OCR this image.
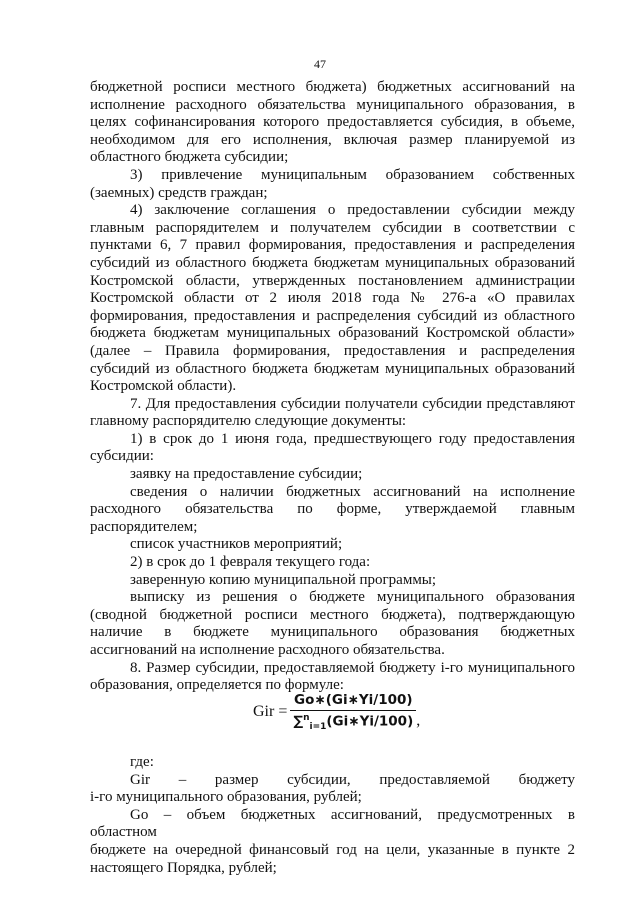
47

бюджетной росписи местного бюджета) бюджетных ассигнований на

исполнение расходного обязательства муниципального образования, в

целях софинансирования которого предоставляется субсидия, в объеме,

необходимом для его исполнения, включая размер планируемой из

областного бюджета субсидии;

3) привлечение муниципальным образованием собственных

(заемных) средств граждан;

4) заключение соглашения о предоставлении субсидии между

главным распорядителем и получателем субсидии в соответствии с

пунктами 6, 7 правил формирования, предоставления и распределения

субсидий из областного бюджета бюджетам муниципальных образований

Костромской области, утвержденных постановлением администрации

Костромской области от 2 июля 2018 года № 276-а «О правилах

формирования, предоставления и распределения субсидий из областного

бюджета бюджетам муниципальных образований Костромской области»

(далее – Правила формирования, предоставления и распределения

субсидий из областного бюджета бюджетам муниципальных образований

Костромской области).

7. Для предоставления субсидии получатели субсидии представляют

главному распорядителю следующие документы:

1) в срок до 1 июня года, предшествующего году предоставления

субсидии:

заявку на предоставление субсидии;

сведения о наличии бюджетных ассигнований на исполнение

расходного обязательства по форме, утверждаемой главным

распорядителем;

список участников мероприятий;

2) в срок до 1 февраля текущего года:

заверенную копию муниципальной программы;

выписку из решения о бюджете муниципального образования

(сводной бюджетной росписи местного бюджета), подтверждающую

наличие в бюджете муниципального образования бюджетных

ассигнований на исполнение расходного обязательства.

8. Размер субсидии, предоставляемой бюджету i-го муниципального

образования, определяется по формуле:

Gir = $\frac{Go∗(Gi∗Yi/100)}{\sum^n_{i=1}(Gi∗Yi/100)}$ ,

где:

Gir – размер субсидии, предоставляемой бюджету

i-го муниципального образования, рублей;

Go – объем бюджетных ассигнований, предусмотренных в областном

бюджете на очередной финансовый год на цели, указанные в пункте 2

настоящего Порядка, рублей;
